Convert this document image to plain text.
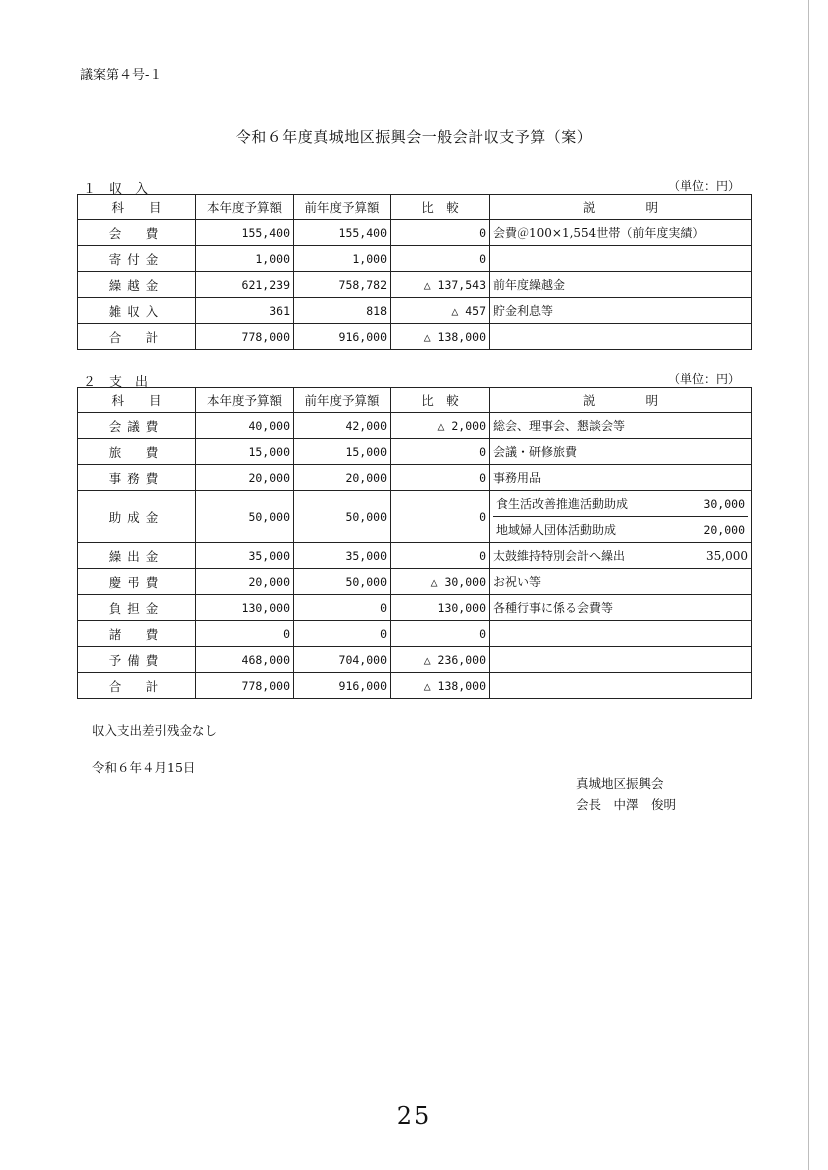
議案第４号-１
令和６年度真城地区振興会一般会計収支予算（案）
１　収　入	（単位：円）
科　　目	本年度予算額	前年度予算額	比　較	説　　　　明
会　費	155,400	155,400	0	会費＠100×1,554世帯（前年度実績）
寄付金	1,000	1,000	0	
繰越金	621,239	758,782	△ 137,543	前年度繰越金
雑収入	361	818	△ 457	貯金利息等
合　計	778,000	916,000	△ 138,000	
２　支　出	（単位：円）
科　　目	本年度予算額	前年度予算額	比　較	説　　　　明
会議費	40,000	42,000	△ 2,000	総会、理事会、懇談会等
旅　費	15,000	15,000	0	会議・研修旅費
事務費	20,000	20,000	0	事務用品
助成金	50,000	50,000	0	食生活改善推進活動助成 30,000
地域婦人団体活動助成 20,000

繰出金	35,000	35,000	0	太鼓維持特別会計へ繰出 35,000

慶弔費	20,000	50,000	△ 30,000	お祝い等
負担金	130,000	0	130,000	各種行事に係る会費等
諸　費	0	0	0	
予備費	468,000	704,000	△ 236,000	
合　計	778,000	916,000	△ 138,000	
収入支出差引残金なし
令和６年４月15日
真城地区振興会
会長　中澤　俊明
25
